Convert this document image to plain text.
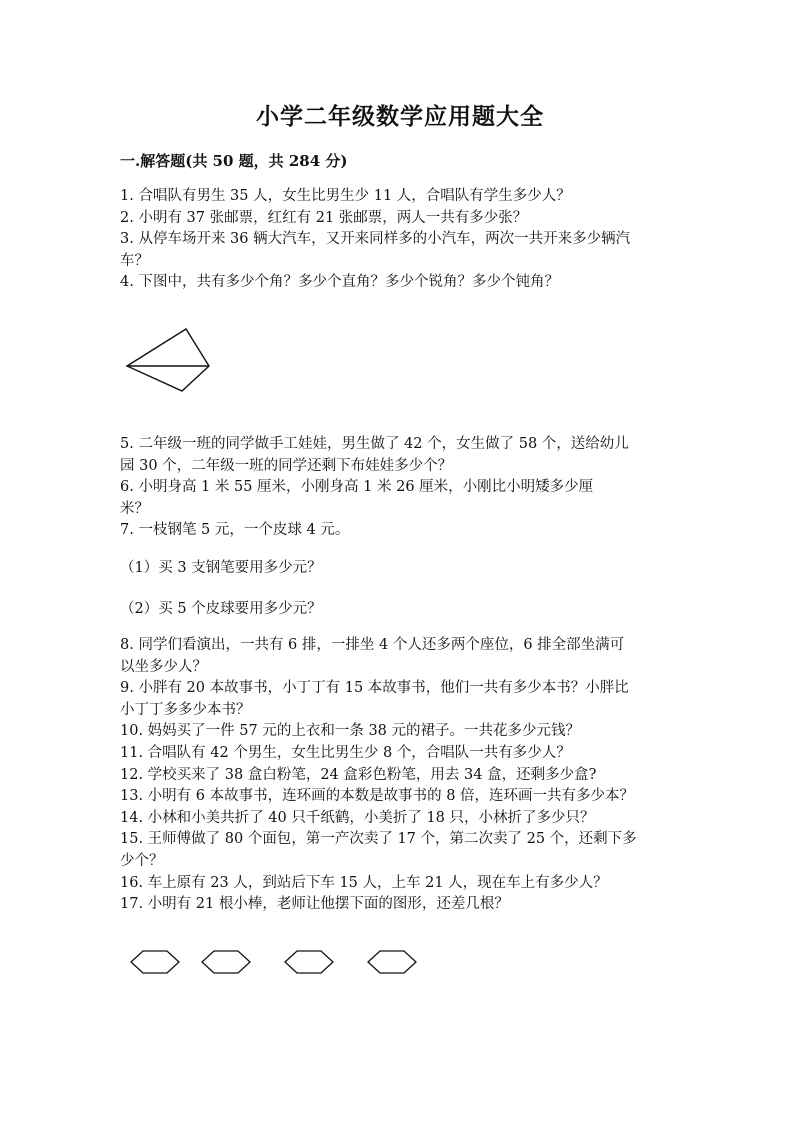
小学二年级数学应用题大全
一.解答题(共 50 题，共 284 分)
1. 合唱队有男生 35 人，女生比男生少 11 人，合唱队有学生多少人？
2. 小明有 37 张邮票，红红有 21 张邮票，两人一共有多少张？
3. 从停车场开来 36 辆大汽车，又开来同样多的小汽车，两次一共开来多少辆汽
车？
4. 下图中，共有多少个角？多少个直角？多少个锐角？多少个钝角？
5. 二年级一班的同学做手工娃娃，男生做了 42 个，女生做了 58 个，送给幼儿
园 30 个，二年级一班的同学还剩下布娃娃多少个？
6. 小明身高 1 米 55 厘米，小刚身高 1 米 26 厘米，小刚比小明矮多少厘
米？
7. 一枝钢笔 5 元，一个皮球 4 元。
（1）买 3 支钢笔要用多少元？
（2）买 5 个皮球要用多少元？
8. 同学们看演出，一共有 6 排，一排坐 4 个人还多两个座位，6 排全部坐满可
以坐多少人？
9. 小胖有 20 本故事书，小丁丁有 15 本故事书，他们一共有多少本书？小胖比
小丁丁多多少本书？
10. 妈妈买了一件 57 元的上衣和一条 38 元的裙子。一共花多少元钱？
11. 合唱队有 42 个男生，女生比男生少 8 个，合唱队一共有多少人？
12. 学校买来了 38 盒白粉笔，24 盒彩色粉笔，用去 34 盒，还剩多少盒?
13. 小明有 6 本故事书，连环画的本数是故事书的 8 倍，连环画一共有多少本？
14. 小林和小美共折了 40 只千纸鹤，小美折了 18 只，小林折了多少只？
15. 王师傅做了 80 个面包，第一产次卖了 17 个，第二次卖了 25 个，还剩下多
少个？
16. 车上原有 23 人，到站后下车 15 人，上车 21 人，现在车上有多少人？
17. 小明有 21 根小棒，老师让他摆下面的图形，还差几根？
